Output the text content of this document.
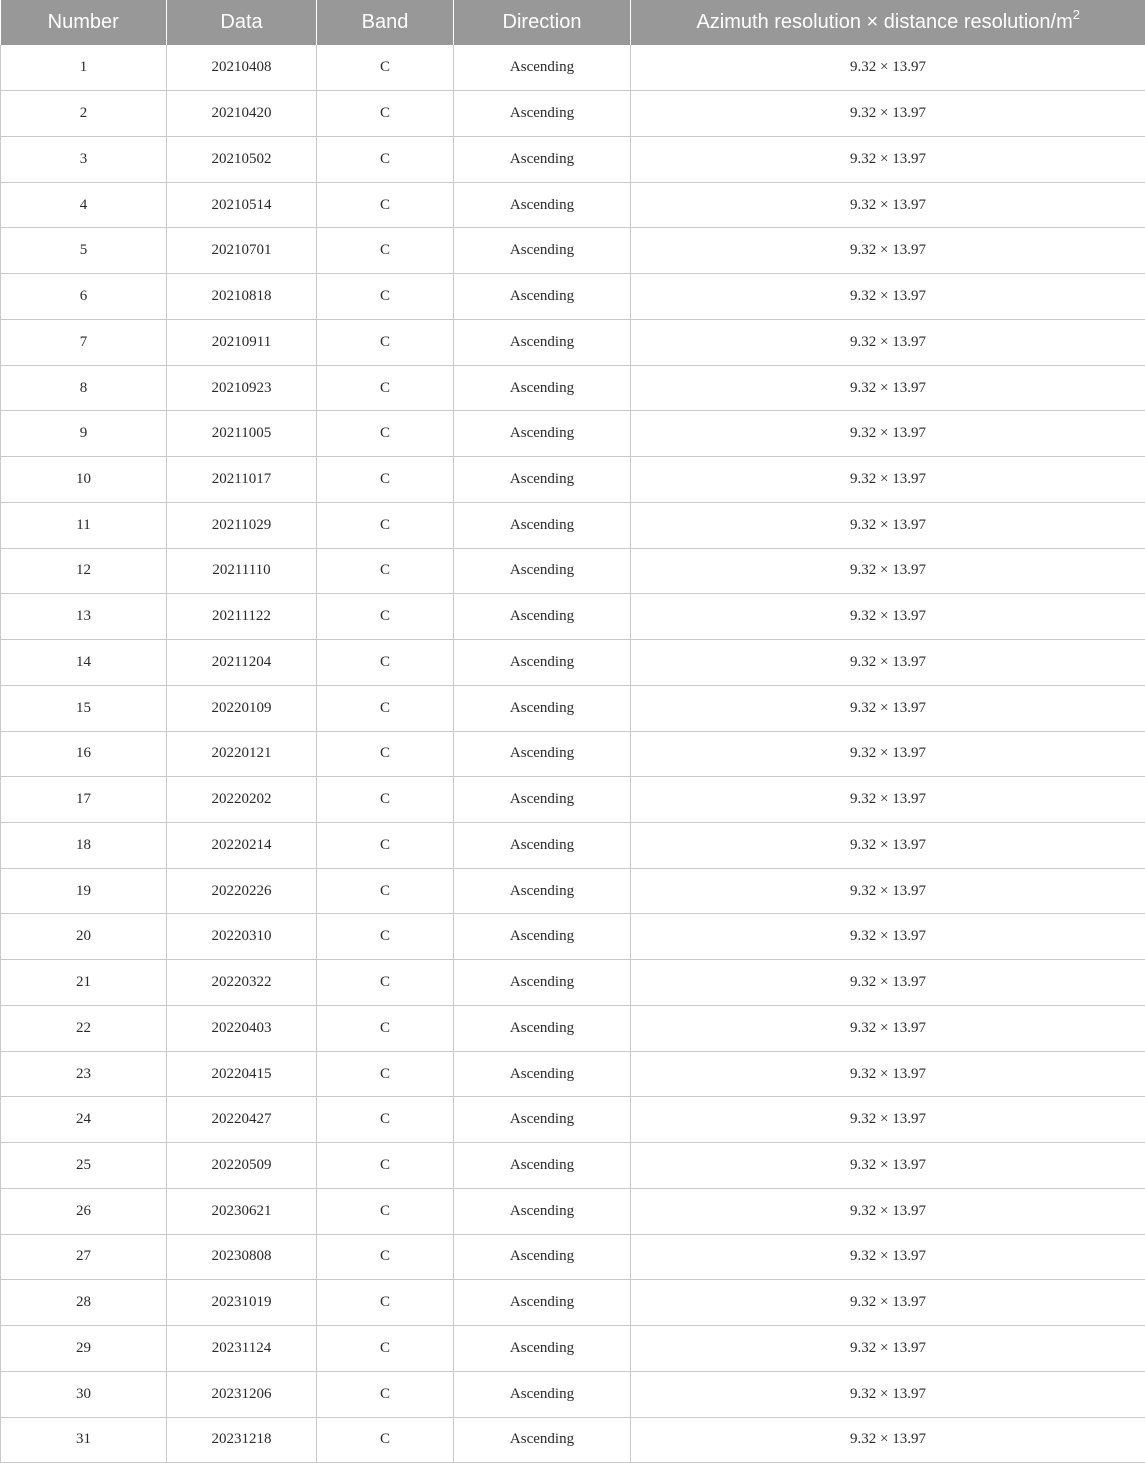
Number	Data	Band	Direction	Azimuth resolution × distance resolution/$m^2$
1	20210408	C	Ascending	9.32 × 13.97
2	20210420	C	Ascending	9.32 × 13.97
3	20210502	C	Ascending	9.32 × 13.97
4	20210514	C	Ascending	9.32 × 13.97
5	20210701	C	Ascending	9.32 × 13.97
6	20210818	C	Ascending	9.32 × 13.97
7	20210911	C	Ascending	9.32 × 13.97
8	20210923	C	Ascending	9.32 × 13.97
9	20211005	C	Ascending	9.32 × 13.97
10	20211017	C	Ascending	9.32 × 13.97
11	20211029	C	Ascending	9.32 × 13.97
12	20211110	C	Ascending	9.32 × 13.97
13	20211122	C	Ascending	9.32 × 13.97
14	20211204	C	Ascending	9.32 × 13.97
15	20220109	C	Ascending	9.32 × 13.97
16	20220121	C	Ascending	9.32 × 13.97
17	20220202	C	Ascending	9.32 × 13.97
18	20220214	C	Ascending	9.32 × 13.97
19	20220226	C	Ascending	9.32 × 13.97
20	20220310	C	Ascending	9.32 × 13.97
21	20220322	C	Ascending	9.32 × 13.97
22	20220403	C	Ascending	9.32 × 13.97
23	20220415	C	Ascending	9.32 × 13.97
24	20220427	C	Ascending	9.32 × 13.97
25	20220509	C	Ascending	9.32 × 13.97
26	20230621	C	Ascending	9.32 × 13.97
27	20230808	C	Ascending	9.32 × 13.97
28	20231019	C	Ascending	9.32 × 13.97
29	20231124	C	Ascending	9.32 × 13.97
30	20231206	C	Ascending	9.32 × 13.97
31	20231218	C	Ascending	9.32 × 13.97
